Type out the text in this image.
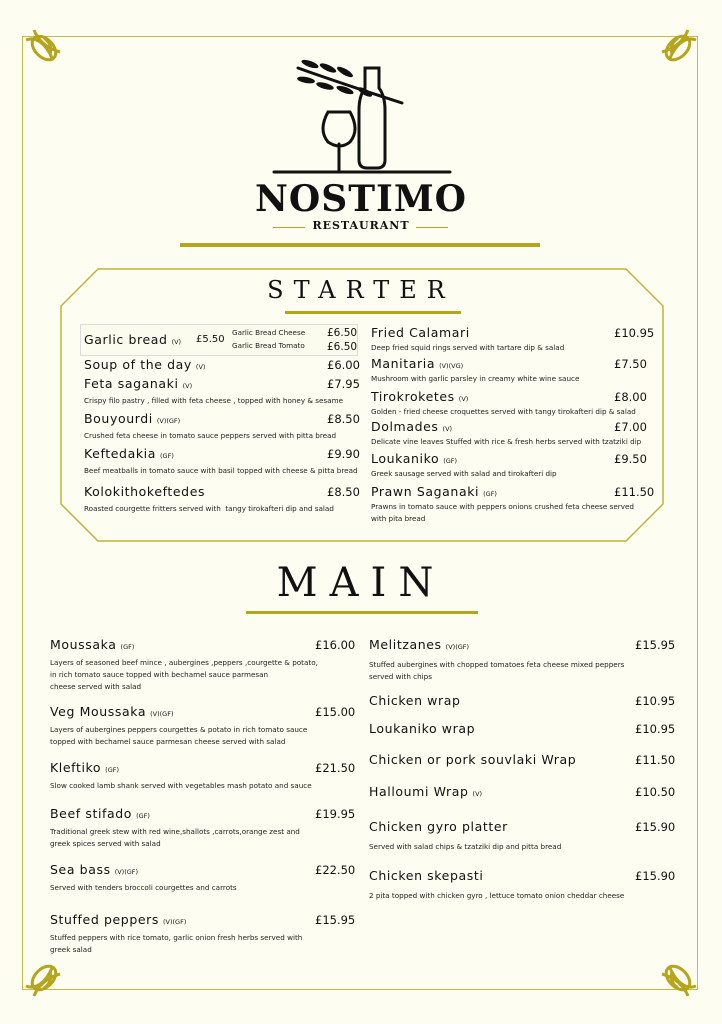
NOSTIMO
RESTAURANT
STARTER
Garlic bread (V) £5.50
Garlic Bread Cheese £6.50
Garlic Bread Tomato £6.50
MAIN
Soup of the day (V)	£6.00
Feta saganaki (V)	£7.95
Crispy filo pastry , filled with feta cheese , topped with honey & sesame
Bouyourdi (V)(GF)	£8.50
Crushed feta cheese in tomato sauce peppers served with pitta bread
Keftedakia (GF)	£9.90
Beef meatballs in tomato sauce with basil topped with cheese & pitta bread
Kolokithokeftedes	£8.50
Roasted courgette fritters served with  tangy tirokafteri dip and salad
Fried Calamari	£10.95
Deep fried squid rings served with tartare dip & salad
Manitaria (V)(VG)	£7.50
Mushroom with garlic parsley in creamy white wine sauce
Tirokroketes (V)	£8.00
Golden - fried cheese croquettes served with tangy tirokafteri dip & salad
Dolmades (V)	£7.00
Delicate vine leaves Stuffed with rice & fresh herbs served with tzatziki dip
Loukaniko (GF)	£9.50
Greek sausage served with salad and tirokafteri dip
Prawn Saganaki (GF)	£11.50
Prawns in tomato sauce with peppers onions crushed feta cheese served
with pita bread
Moussaka (GF)	£16.00
Layers of seasoned beef mince , aubergines ,peppers ,courgette & potato,
in rich tomato sauce topped with bechamel sauce parmesan
cheese served with salad
Veg Moussaka (V)(GF)	£15.00
Layers of aubergines peppers courgettes & potato in rich tomato sauce
topped with bechamel sauce parmesan cheese served with salad
Kleftiko (GF)	£21.50
Slow cooked lamb shank served with vegetables mash potato and sauce
Beef stifado (GF)	£19.95
Traditional greek stew with red wine,shallots ,carrots,orange zest and
greek spices served with salad
Sea bass (V)(GF)	£22.50
Served with tenders broccoli courgettes and carrots
Stuffed peppers (V)(GF)	£15.95
Stuffed peppers with rice tomato, garlic onion fresh herbs served with
greek salad
Melitzanes (V)(GF)	£15.95
Stuffed aubergines with chopped tomatoes feta cheese mixed peppers
served with chips
Chicken wrap	£10.95
Loukaniko wrap	£10.95
Chicken or pork souvlaki Wrap	£11.50
Halloumi Wrap (V)	£10.50
Chicken gyro platter	£15.90
Served with salad chips & tzatziki dip and pitta bread
Chicken skepasti	£15.90
2 pita topped with chicken gyro , lettuce tomato onion cheddar cheese
